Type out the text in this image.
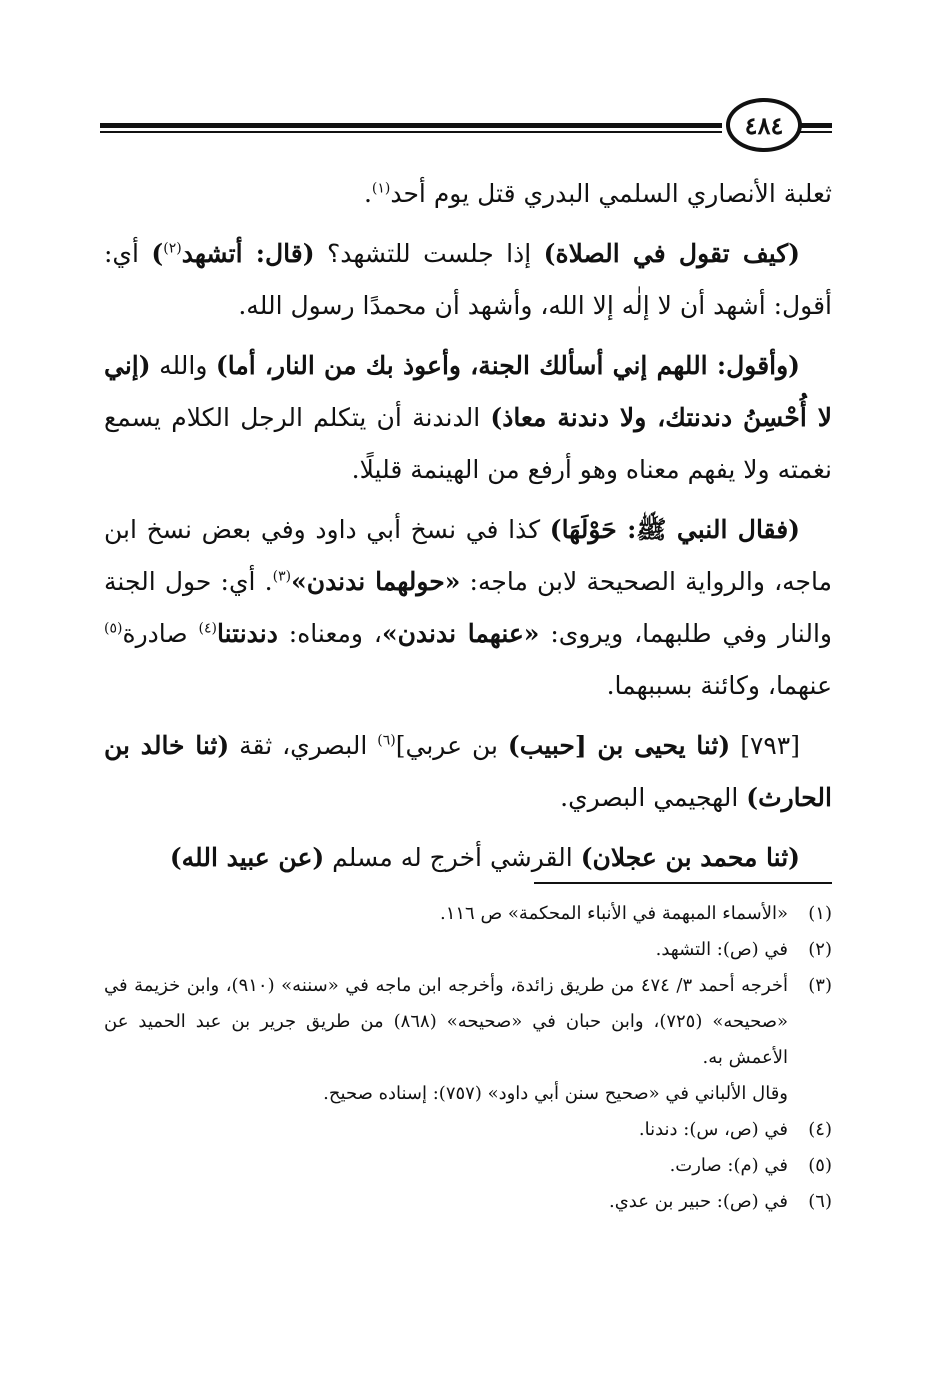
٤٨٤

ثعلبة الأنصاري السلمي البدري قتل يوم أحد$^{(١)}$.

(كيف تقول في الصلاة) إذا جلست للتشهد؟ (قال: أتشهد$^{(٢)}$) أي: أقول: أشهد أن لا إلٰه إلا الله، وأشهد أن محمدًا رسول الله.

(وأقول: اللهم إني أسألك الجنة، وأعوذ بك من النار، أما) والله (إني لا أُحْسِنُ دندنتك، ولا دندنة معاذ) الدندنة أن يتكلم الرجل الكلام يسمع نغمته ولا يفهم معناه وهو أرفع من الهينمة قليلًا.

(فقال النبي ﷺ: حَوْلَهَا) كذا في نسخ أبي داود وفي بعض نسخ ابن ماجه، والرواية الصحيحة لابن ماجه: «حولهما ندندن»$^{(٣)}$. أي: حول الجنة والنار وفي طلبهما، ويروى: «عنهما ندندن»، ومعناه: دندنتنا$^{(٤)}$ صادرة$^{(٥)}$ عنهما، وكائنة بسببهما.

[٧٩٣] (ثنا يحيى بن [حبيب) بن عربي]$^{(٦)}$ البصري، ثقة (ثنا خالد بن الحارث) الهجيمي البصري.

(ثنا محمد بن عجلان) القرشي أخرج له مسلم (عن عبيد الله)

(١)
«الأسماء المبهمة في الأنباء المحكمة» ص ١١٦.
(٢)
في (ص): التشهد.
(٣)
أخرجه أحمد ٣/ ٤٧٤ من طريق زائدة، وأخرجه ابن ماجه في «سننه» (٩١٠)، وابن خزيمة في «صحيحه» (٧٢٥)، وابن حبان في «صحيحه» (٨٦٨) من طريق جرير بن عبد الحميد عن الأعمش به.
وقال الألباني في «صحيح سنن أبي داود» (٧٥٧): إسناده صحيح.
(٤)
في (ص، س): دندنا.
(٥)
في (م): صارت.
(٦)
في (ص): حبير بن عدي.
